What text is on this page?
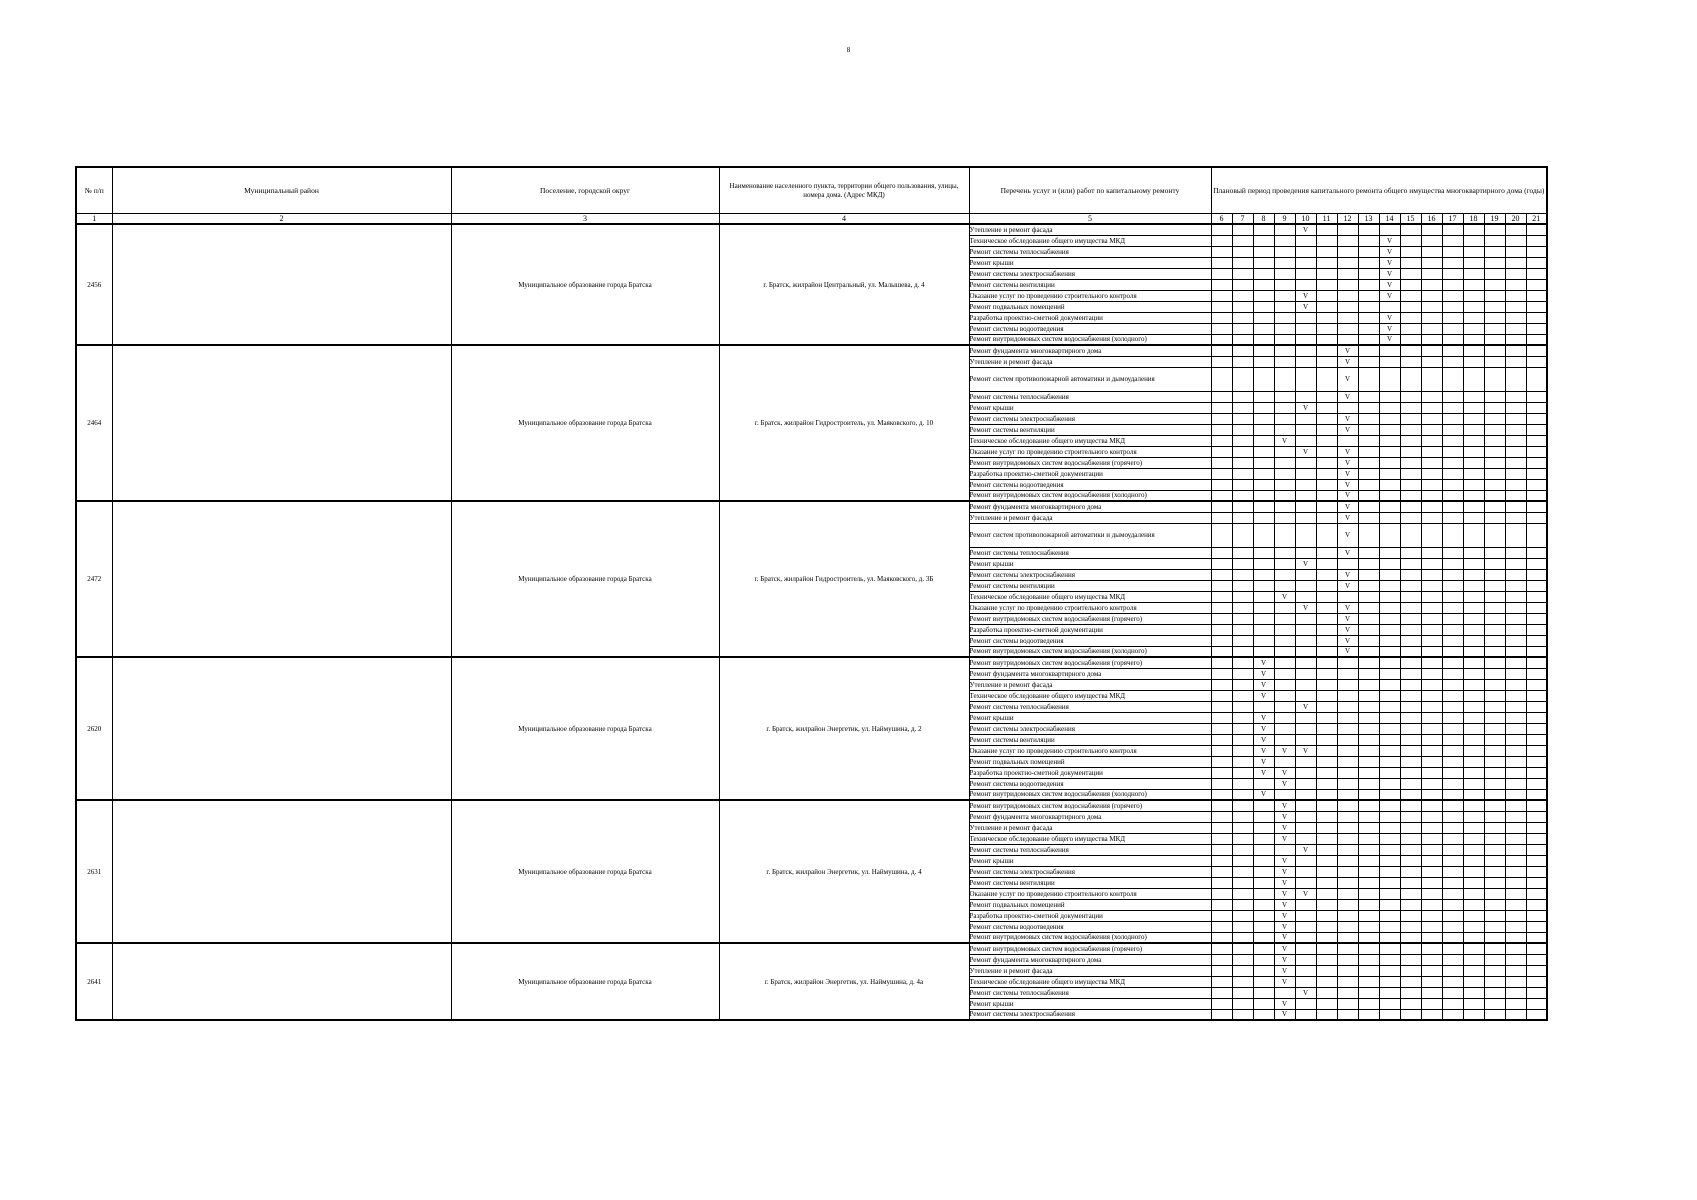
8
№ п/п	Муниципальный район	Поселение, городской округ	Наименование населенного пункта, территории общего пользования, улицы, номера дома. (Адрес МКД)	Перечень услуг и (или) работ по капитальному ремонту	Плановый период проведения капитального ремонта общего имущества многоквартирного дома (годы)															
1	2	3	4	5	6	7	8	9	10	11	12	13	14	15	16	17	18	19	20	21
2456		Муниципальное образование города Братска	г. Братск, жилрайон Центральный, ул. Малышева, д. 4	Утепление и ремонт фасада					V											
				Техническое обследование общего имущества МКД									V							
				Ремонт системы теплоснабжения									V							
				Ремонт крыши									V							
				Ремонт системы электроснабжения									V							
				Ремонт системы вентиляции									V							
				Оказание услуг по проведению строительного контроля					V				V							
				Ремонт подвальных помещений					V											
				Разработка проектно-сметной документации									V							
				Ремонт системы водоотведения									V							
				Ремонт внутридомовых систем водоснабжения (холодного)									V							
2464		Муниципальное образование города Братска	г. Братск, жилрайон Гидростроитель, ул. Маяковского, д. 10	Ремонт фундамента многоквартирного дома							V									
				Утепление и ремонт фасада							V									
				Ремонт систем противопожарной автоматики и дымоудаления							V									
				Ремонт системы теплоснабжения							V									
				Ремонт крыши					V											
				Ремонт системы электроснабжения							V									
				Ремонт системы вентиляции							V									
				Техническое обследование общего имущества МКД				V												
				Оказание услуг по проведению строительного контроля					V		V									
				Ремонт внутридомовых систем водоснабжения (горячего)							V									
				Разработка проектно-сметной документации							V									
				Ремонт системы водоотведения							V									
				Ремонт внутридомовых систем водоснабжения (холодного)							V									
2472		Муниципальное образование города Братска	г. Братск, жилрайон Гидростроитель, ул. Маяковского, д. 3Б	Ремонт фундамента многоквартирного дома							V									
				Утепление и ремонт фасада							V									
				Ремонт систем противопожарной автоматики и дымоудаления							V									
				Ремонт системы теплоснабжения							V									
				Ремонт крыши					V											
				Ремонт системы электроснабжения							V									
				Ремонт системы вентиляции							V									
				Техническое обследование общего имущества МКД				V												
				Оказание услуг по проведению строительного контроля					V		V									
				Ремонт внутридомовых систем водоснабжения (горячего)							V									
				Разработка проектно-сметной документации							V									
				Ремонт системы водоотведения							V									
				Ремонт внутридомовых систем водоснабжения (холодного)							V									
2620		Муниципальное образование города Братска	г. Братск, жилрайон Энергетик, ул. Наймушина, д. 2	Ремонт внутридомовых систем водоснабжения (горячего)			V													
				Ремонт фундамента многоквартирного дома			V													
				Утепление и ремонт фасада			V													
				Техническое обследование общего имущества МКД			V													
				Ремонт системы теплоснабжения					V											
				Ремонт крыши			V													
				Ремонт системы электроснабжения			V													
				Ремонт системы вентиляции			V													
				Оказание услуг по проведению строительного контроля			V	V	V											
				Ремонт подвальных помещений			V													
				Разработка проектно-сметной документации			V	V												
				Ремонт системы водоотведения				V												
				Ремонт внутридомовых систем водоснабжения (холодного)			V													
2631		Муниципальное образование города Братска	г. Братск, жилрайон Энергетик, ул. Наймушина, д. 4	Ремонт внутридомовых систем водоснабжения (горячего)				V												
				Ремонт фундамента многоквартирного дома				V												
				Утепление и ремонт фасада				V												
				Техническое обследование общего имущества МКД				V												
				Ремонт системы теплоснабжения					V											
				Ремонт крыши				V												
				Ремонт системы электроснабжения				V												
				Ремонт системы вентиляции				V												
				Оказание услуг по проведению строительного контроля				V	V											
				Ремонт подвальных помещений				V												
				Разработка проектно-сметной документации				V												
				Ремонт системы водоотведения				V												
				Ремонт внутридомовых систем водоснабжения (холодного)				V												
2641		Муниципальное образование города Братска	г. Братск, жилрайон Энергетик, ул. Наймушина, д. 4а	Ремонт внутридомовых систем водоснабжения (горячего)				V												
				Ремонт фундамента многоквартирного дома				V												
				Утепление и ремонт фасада				V												
				Техническое обследование общего имущества МКД				V												
				Ремонт системы теплоснабжения					V											
				Ремонт крыши				V												
				Ремонт системы электроснабжения				V												
